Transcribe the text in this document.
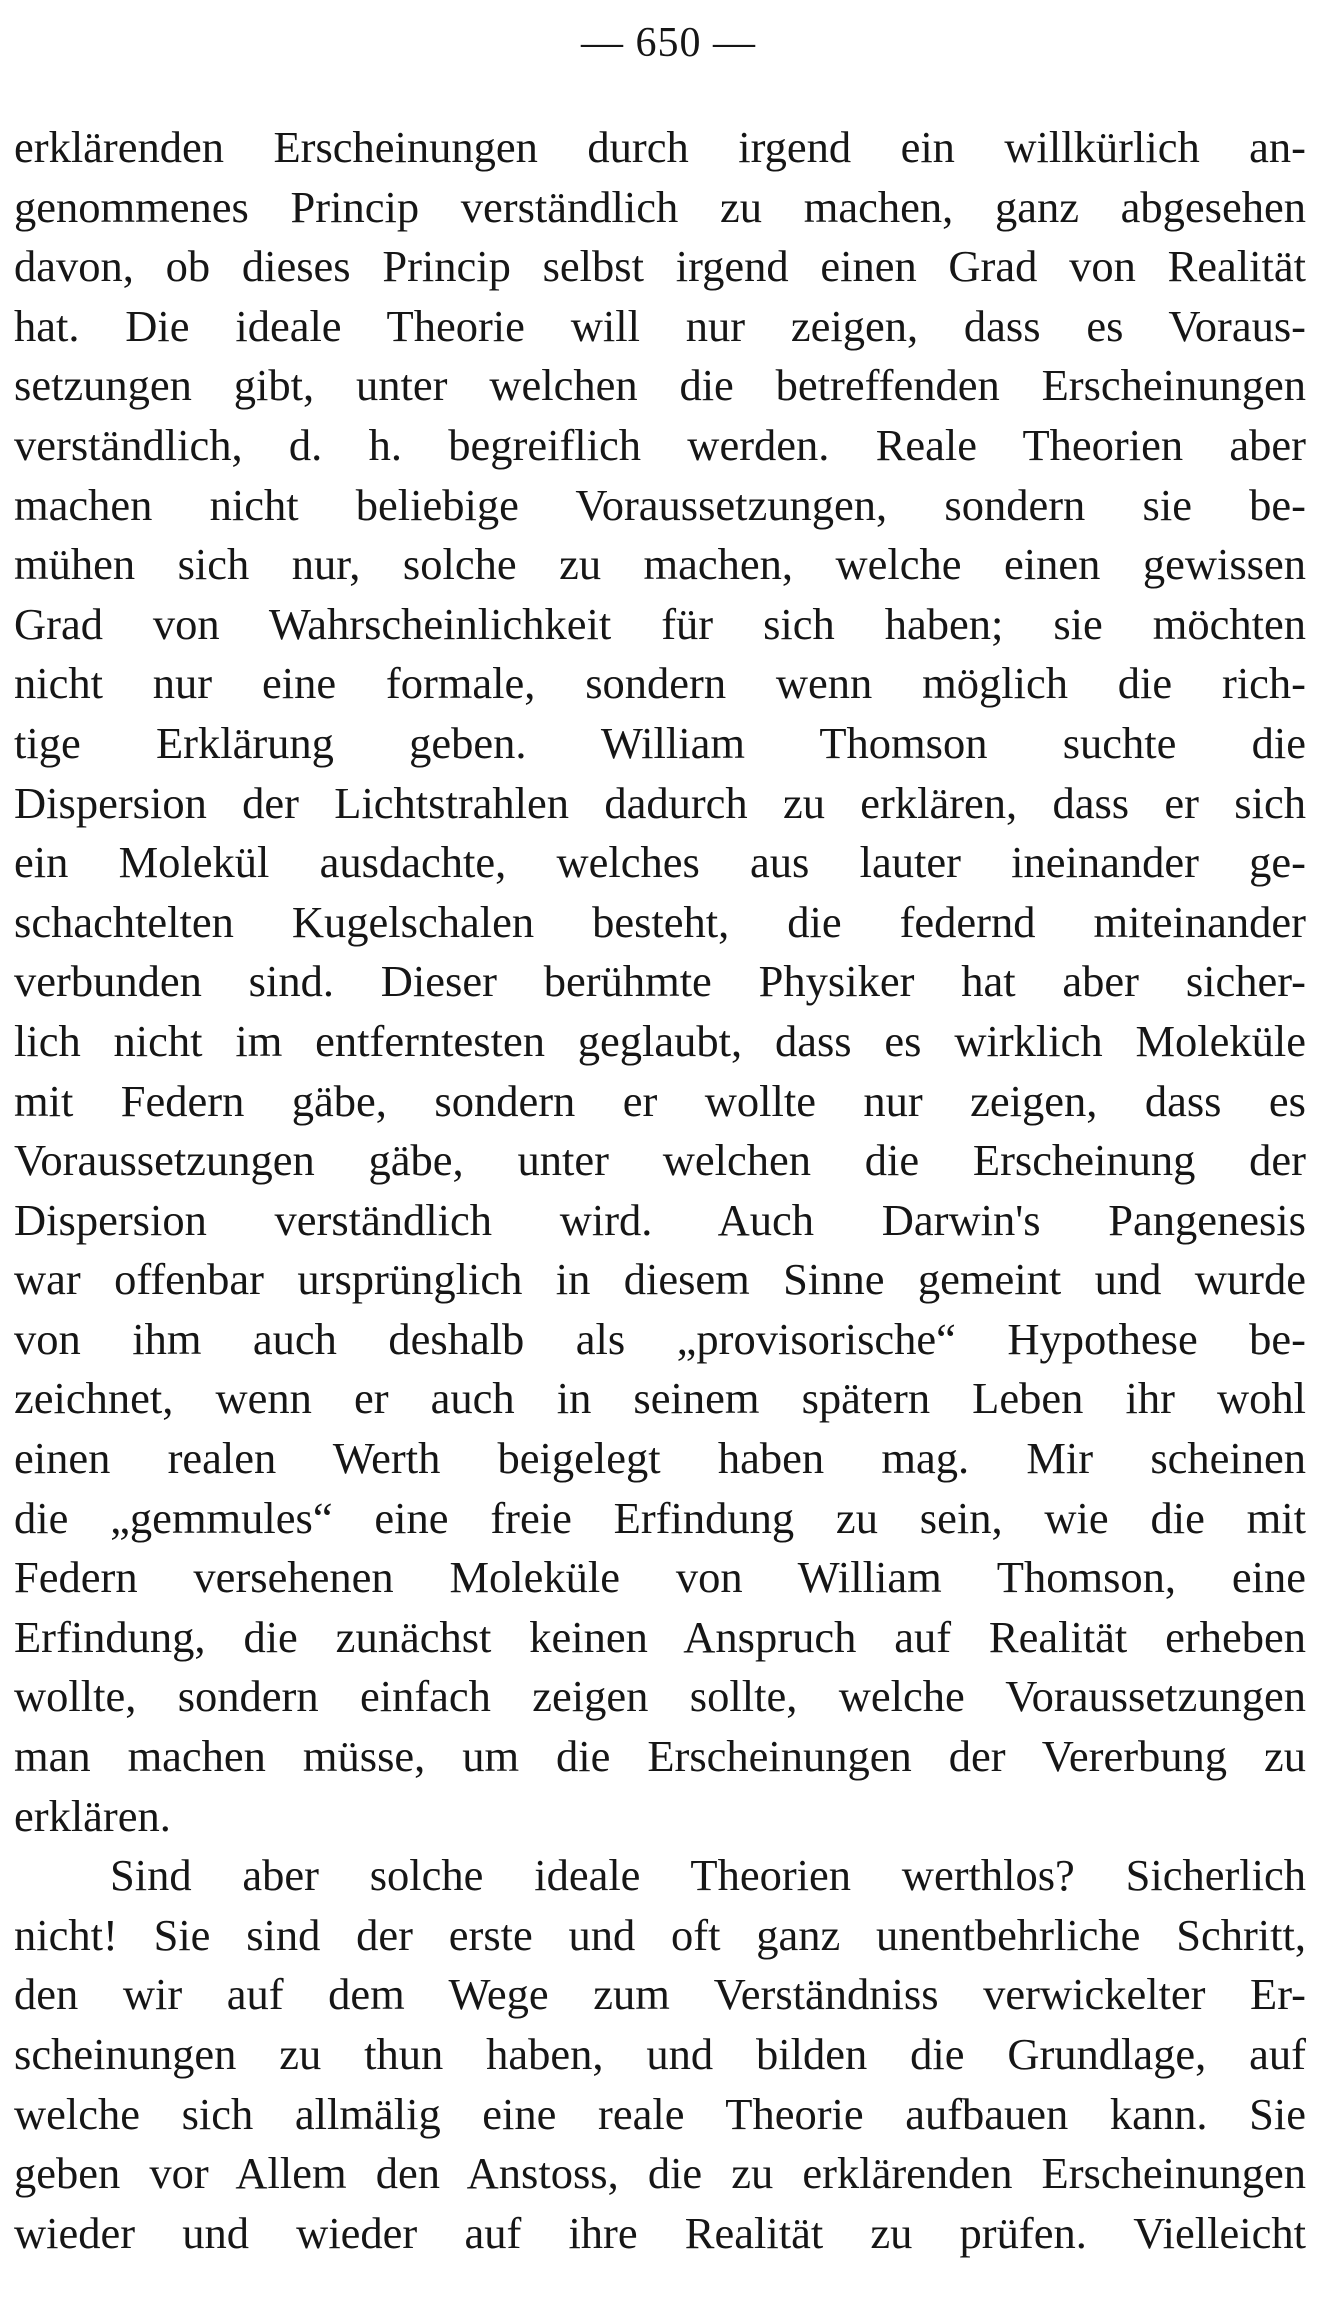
— 650 —
erklärenden Erscheinungen durch irgend ein willkürlich an-
genommenes Princip verständlich zu machen, ganz abgesehen
davon, ob dieses Princip selbst irgend einen Grad von Realität
hat. Die ideale Theorie will nur zeigen, dass es Voraus-
setzungen gibt, unter welchen die betreffenden Erscheinungen
verständlich, d. h. begreiflich werden. Reale Theorien aber
machen nicht beliebige Voraussetzungen, sondern sie be-
mühen sich nur, solche zu machen, welche einen gewissen
Grad von Wahrscheinlichkeit für sich haben; sie möchten
nicht nur eine formale, sondern wenn möglich die rich-
tige Erklärung geben. William Thomson suchte die
Dispersion der Lichtstrahlen dadurch zu erklären, dass er sich
ein Molekül ausdachte, welches aus lauter ineinander ge-
schachtelten Kugelschalen besteht, die federnd miteinander
verbunden sind. Dieser berühmte Physiker hat aber sicher-
lich nicht im entferntesten geglaubt, dass es wirklich Moleküle
mit Federn gäbe, sondern er wollte nur zeigen, dass es
Voraussetzungen gäbe, unter welchen die Erscheinung der
Dispersion verständlich wird. Auch Darwin's Pangenesis
war offenbar ursprünglich in diesem Sinne gemeint und wurde
von ihm auch deshalb als „provisorische“ Hypothese be-
zeichnet, wenn er auch in seinem spätern Leben ihr wohl
einen realen Werth beigelegt haben mag. Mir scheinen
die „gemmules“ eine freie Erfindung zu sein, wie die mit
Federn versehenen Moleküle von William Thomson, eine
Erfindung, die zunächst keinen Anspruch auf Realität erheben
wollte, sondern einfach zeigen sollte, welche Voraussetzungen
man machen müsse, um die Erscheinungen der Vererbung zu
erklären.
Sind aber solche ideale Theorien werthlos? Sicherlich
nicht! Sie sind der erste und oft ganz unentbehrliche Schritt,
den wir auf dem Wege zum Verständniss verwickelter Er-
scheinungen zu thun haben, und bilden die Grundlage, auf
welche sich allmälig eine reale Theorie aufbauen kann. Sie
geben vor Allem den Anstoss, die zu erklärenden Erscheinungen
wieder und wieder auf ihre Realität zu prüfen. Vielleicht
